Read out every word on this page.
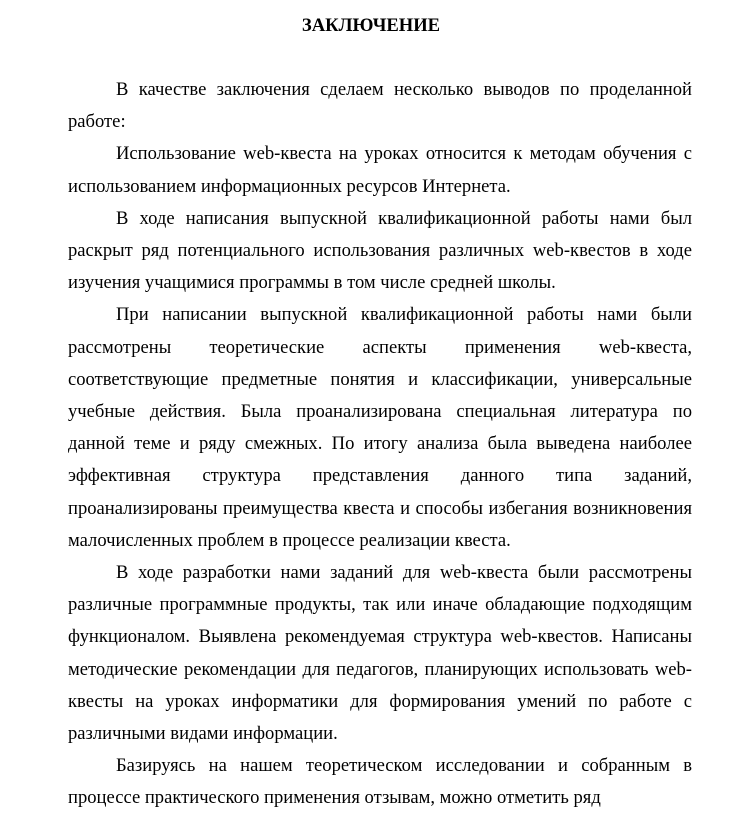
ЗАКЛЮЧЕНИЕ

В качестве заключения сделаем несколько выводов по проделанной работе:

Использование web-квеста на уроках относится к методам обучения с использованием информационных ресурсов Интернета.

В ходе написания выпускной квалификационной работы нами был раскрыт ряд потенциального использования различных web-квестов в ходе изучения учащимися программы в том числе средней школы.

При написании выпускной квалификационной работы нами были рассмотрены теоретические аспекты применения web-квеста, соответствующие предметные понятия и классификации, универсальные учебные действия. Была проанализирована специальная литература по данной теме и ряду смежных. По итогу анализа была выведена наиболее эффективная структура представления данного типа заданий, проанализированы преимущества квеста и способы избегания возникновения малочисленных проблем в процессе реализации квеста.

В ходе разработки нами заданий для web-квеста были рассмотрены различные программные продукты, так или иначе обладающие подходящим функционалом. Выявлена рекомендуемая структура web-квестов. Написаны методические рекомендации для педагогов, планирующих использовать web-квесты на уроках информатики для формирования умений по работе с различными видами информации.

Базируясь на нашем теоретическом исследовании и собранным в процессе практического применения отзывам, можно отметить ряд
